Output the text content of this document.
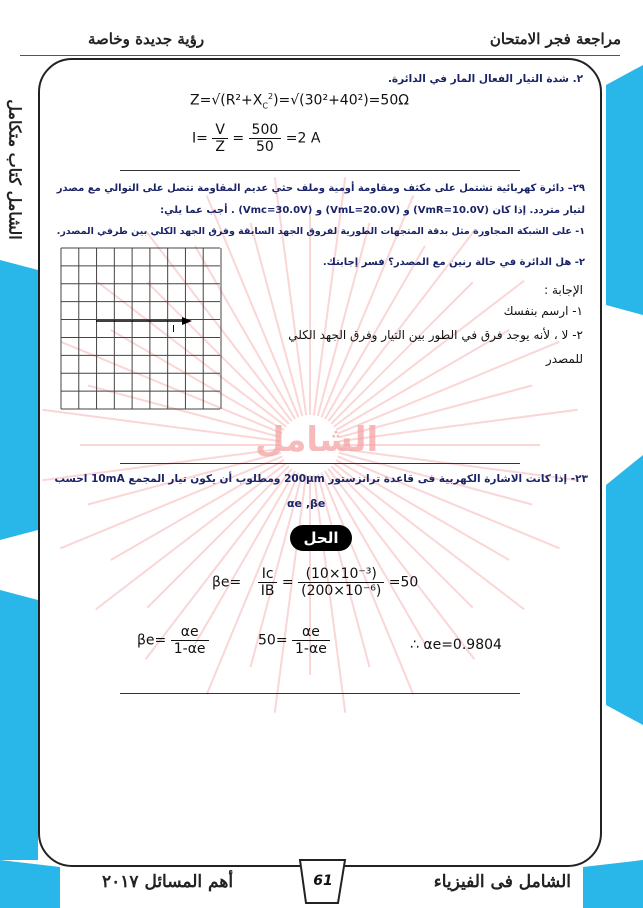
مراجعة فجر الامتحان
رؤية جديدة وخاصة
الشامل كتاب متكامل
الشامل
٢. شدة التيار الفعال المار في الدائرة.
$Z=√(R^2+X_C^2)=√(30^2+40^2)=50\Omega$
$I= \frac{V}{Z} = \frac{500}{50} =2$ A
٢٩– دائرة كهربائية تشتمل على مكثف ومقاومة أومية وملف حثي عديم المقاومة تتصل على التوالي مع مصدر
لتيار متردد. إذا كان (VmR=10.0V) و (VmL=20.0V) و (Vmc=30.0V) . أجب عما يلي:
١- على الشبكة المجاورة مثل بدقة المتجهات الطورية لفروق الجهد السابقة وفرق الجهد الكلي بين طرفي المصدر.
I
٢- هل الدائرة في حالة رنين مع المصدر؟ فسر إجابتك.
الإجابة :
١- ارسم بنفسك
٢- لا ، لأنه يوجد فرق في الطور بين التيار وفرق الجهد الكلي
للمصدر
٢٣- إذا كانت الاشارة الكهربية فى قاعدة ترانزستور 200μm ومطلوب أن يكون تيار المجمع 10mA احسب
αe ,βe
الحل
$\beta e= \frac{Ic}{IB} = \frac{\text{(10×10⁻³)}}{\text{(200×10⁻⁶)}} =50$
$\beta e= \frac{\alpha e}{1-\alpha e}$	$50= \frac{\alpha e}{1-\alpha e}$	∴ αe=0.9804
الشامل فى الفيزياء
61
أهم المسائل ٢٠١٧
